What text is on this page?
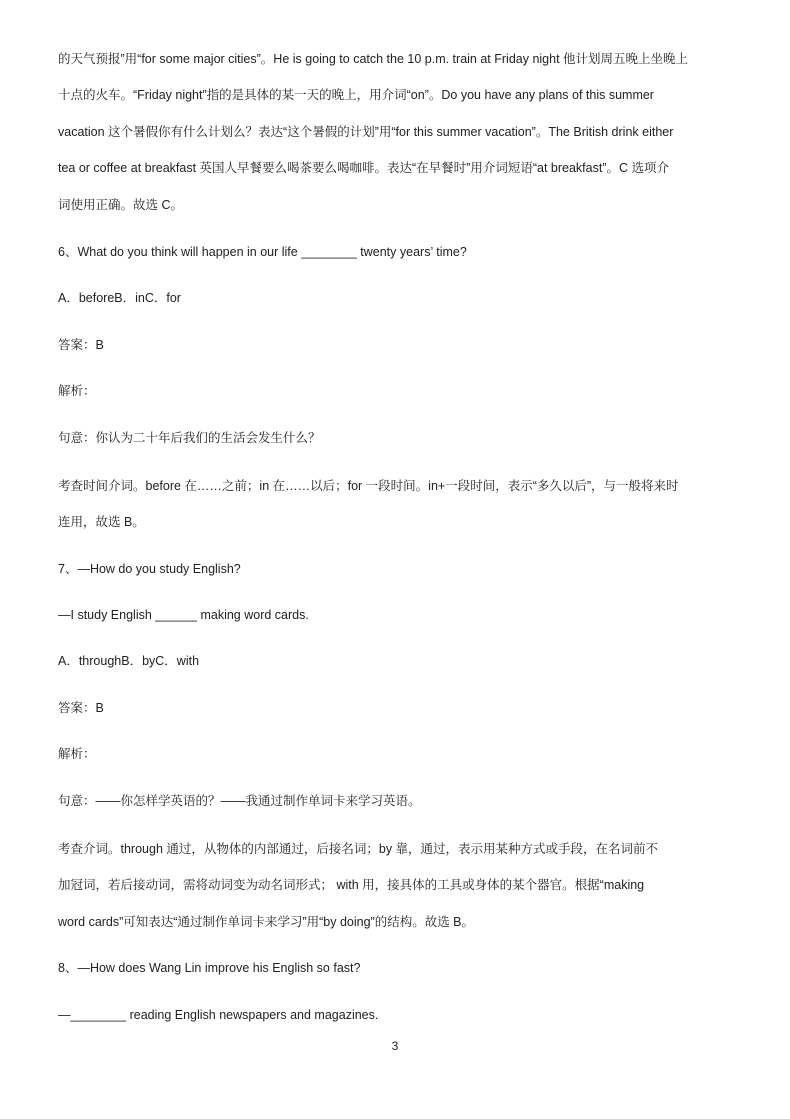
的天气预报”用“for some major cities”。He is going to catch the 10 p.m. train at Friday night 他计划周五晚上坐晚上
十点的火车。“Friday night”指的是具体的某一天的晚上，用介词“on”。Do you have any plans of this summer
vacation 这个暑假你有什么计划么？表达“这个暑假的计划”用“for this summer vacation”。The British drink either
tea or coffee at breakfast 英国人早餐要么喝茶要么喝咖啡。表达“在早餐时”用介词短语“at breakfast”。C 选项介
词使用正确。故选 C。
6、What do you think will happen in our life ________ twenty years’ time?
A．beforeB．inC．for
答案：B
解析：
句意：你认为二十年后我们的生活会发生什么？
考查时间介词。before 在……之前；in 在……以后；for 一段时间。in+一段时间，表示“多久以后”，与一般将来时
连用，故选 B。
7、—How do you study English?
—I study English ______ making word cards.
A．throughB．byC．with
答案：B
解析：
句意：——你怎样学英语的？——我通过制作单词卡来学习英语。
考查介词。through 通过，从物体的内部通过，后接名词；by 靠，通过，表示用某种方式或手段，在名词前不
加冠词，若后接动词，需将动词变为动名词形式； with 用，接具体的工具或身体的某个器官。根据“making
word cards”可知表达“通过制作单词卡来学习”用“by doing”的结构。故选 B。
8、—How does Wang Lin improve his English so fast?
—________ reading English newspapers and magazines.
3
